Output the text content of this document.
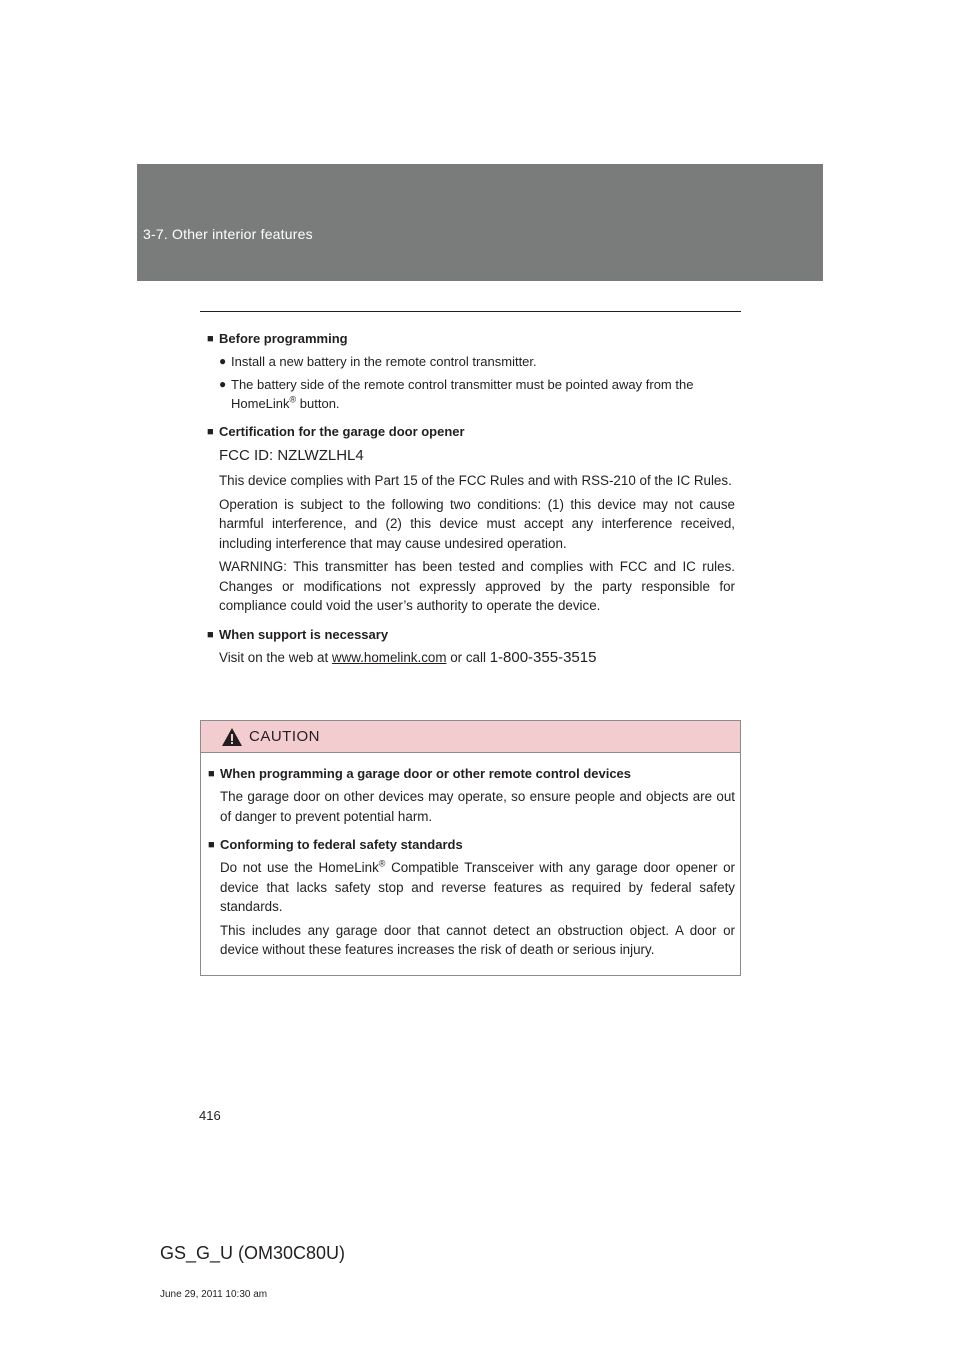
3-7. Other interior features
■ Before programming
● Install a new battery in the remote control transmitter.
● The battery side of the remote control transmitter must be pointed away from the HomeLink® button.
■ Certification for the garage door opener
FCC ID: NZLWZLHL4
This device complies with Part 15 of the FCC Rules and with RSS-210 of the IC Rules.
Operation is subject to the following two conditions: (1) this device may not cause harmful interference, and (2) this device must accept any interference received, including interference that may cause undesired operation.
WARNING: This transmitter has been tested and complies with FCC and IC rules. Changes or modifications not expressly approved by the party responsible for compliance could void the user’s authority to operate the device.
■ When support is necessary
Visit on the web at www.homelink.com or call 1-800-355-3515
CAUTION
■ When programming a garage door or other remote control devices
The garage door on other devices may operate, so ensure people and objects are out of danger to prevent potential harm.
■ Conforming to federal safety standards
Do not use the HomeLink® Compatible Transceiver with any garage door opener or device that lacks safety stop and reverse features as required by federal safety standards.
This includes any garage door that cannot detect an obstruction object. A door or device without these features increases the risk of death or serious injury.
416
GS_G_U (OM30C80U)
June 29, 2011 10:30 am
